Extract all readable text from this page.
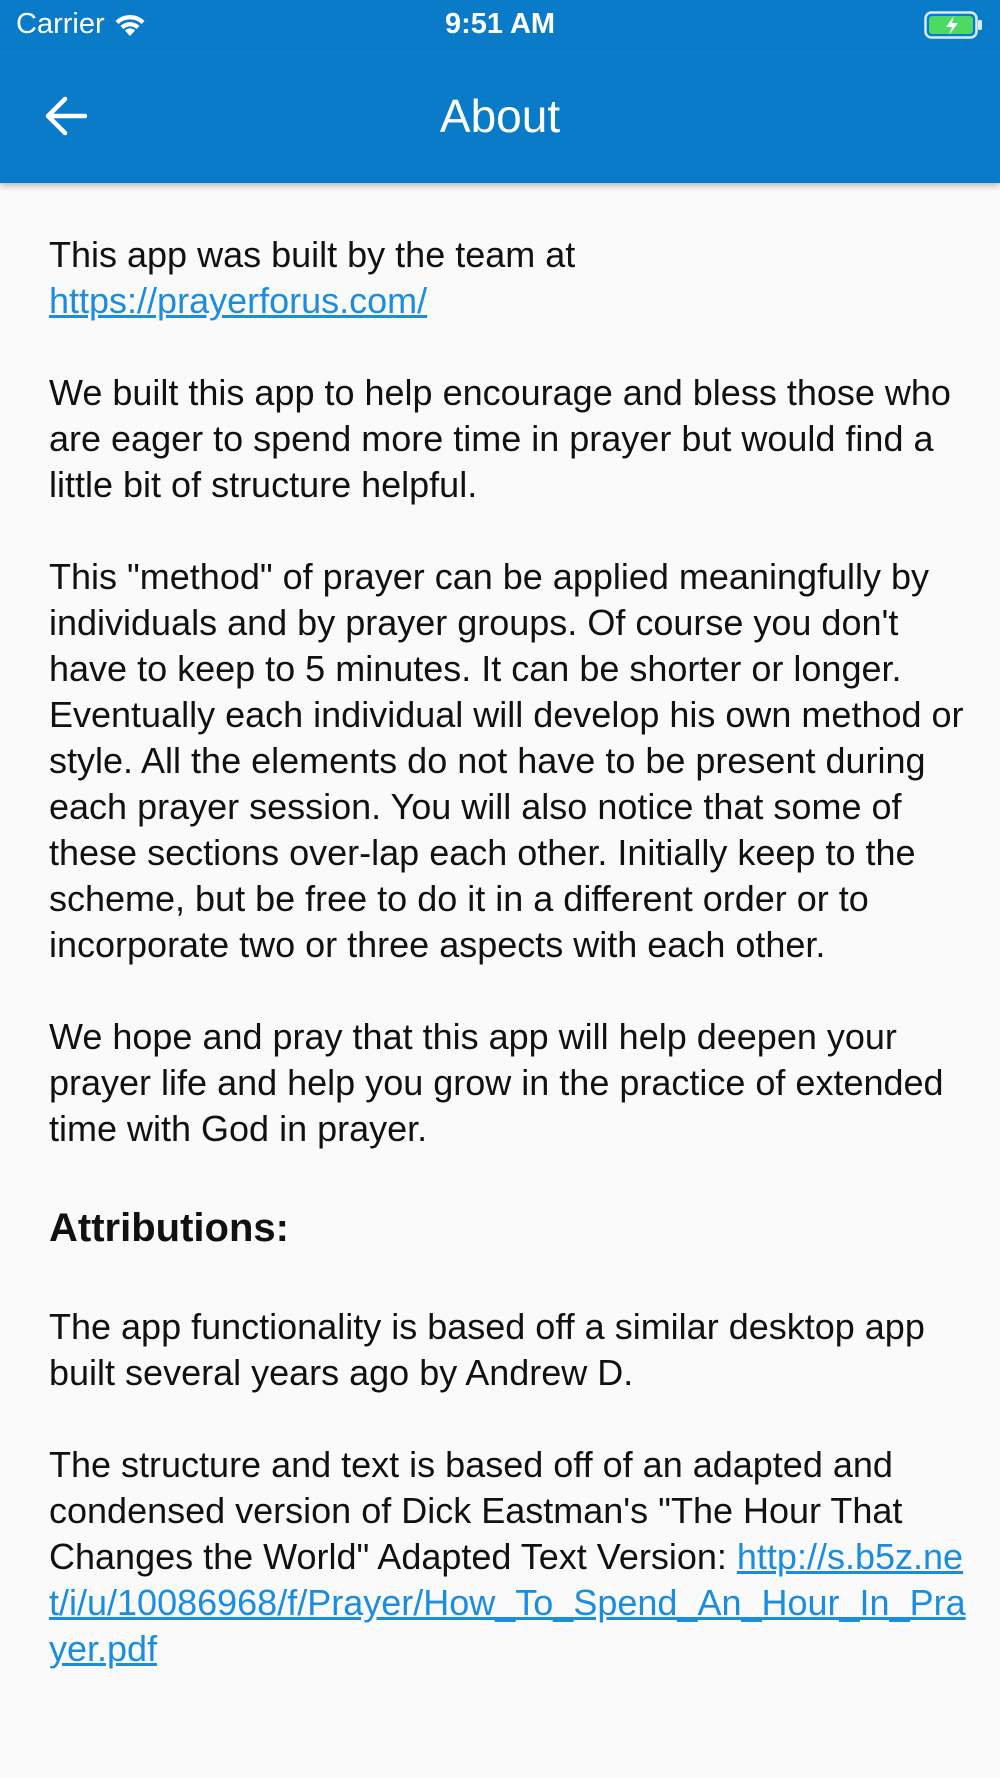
Carrier	9:51 AM
About

This app was built by the team at
https://prayerforus.com/

We built this app to help encourage and bless those who are eager to spend more time in prayer but would find a little bit of structure helpful.

This "method" of prayer can be applied meaningfully by individuals and by prayer groups. Of course you don't have to keep to 5 minutes. It can be shorter or longer. Eventually each individual will develop his own method or style. All the elements do not have to be present during each prayer session. You will also notice that some of these sections over-lap each other. Initially keep to the scheme, but be free to do it in a different order or to incorporate two or three aspects with each other.

We hope and pray that this app will help deepen your prayer life and help you grow in the practice of extended time with God in prayer.

Attributions:

The app functionality is based off a similar desktop app built several years ago by Andrew D.

The structure and text is based off of an adapted and condensed version of Dick Eastman's "The Hour That Changes the World" Adapted Text Version: http://s.b5z.net/i/u/10086968/f/Prayer/How_To_Spend_An_Hour_In_Prayer.pdf
